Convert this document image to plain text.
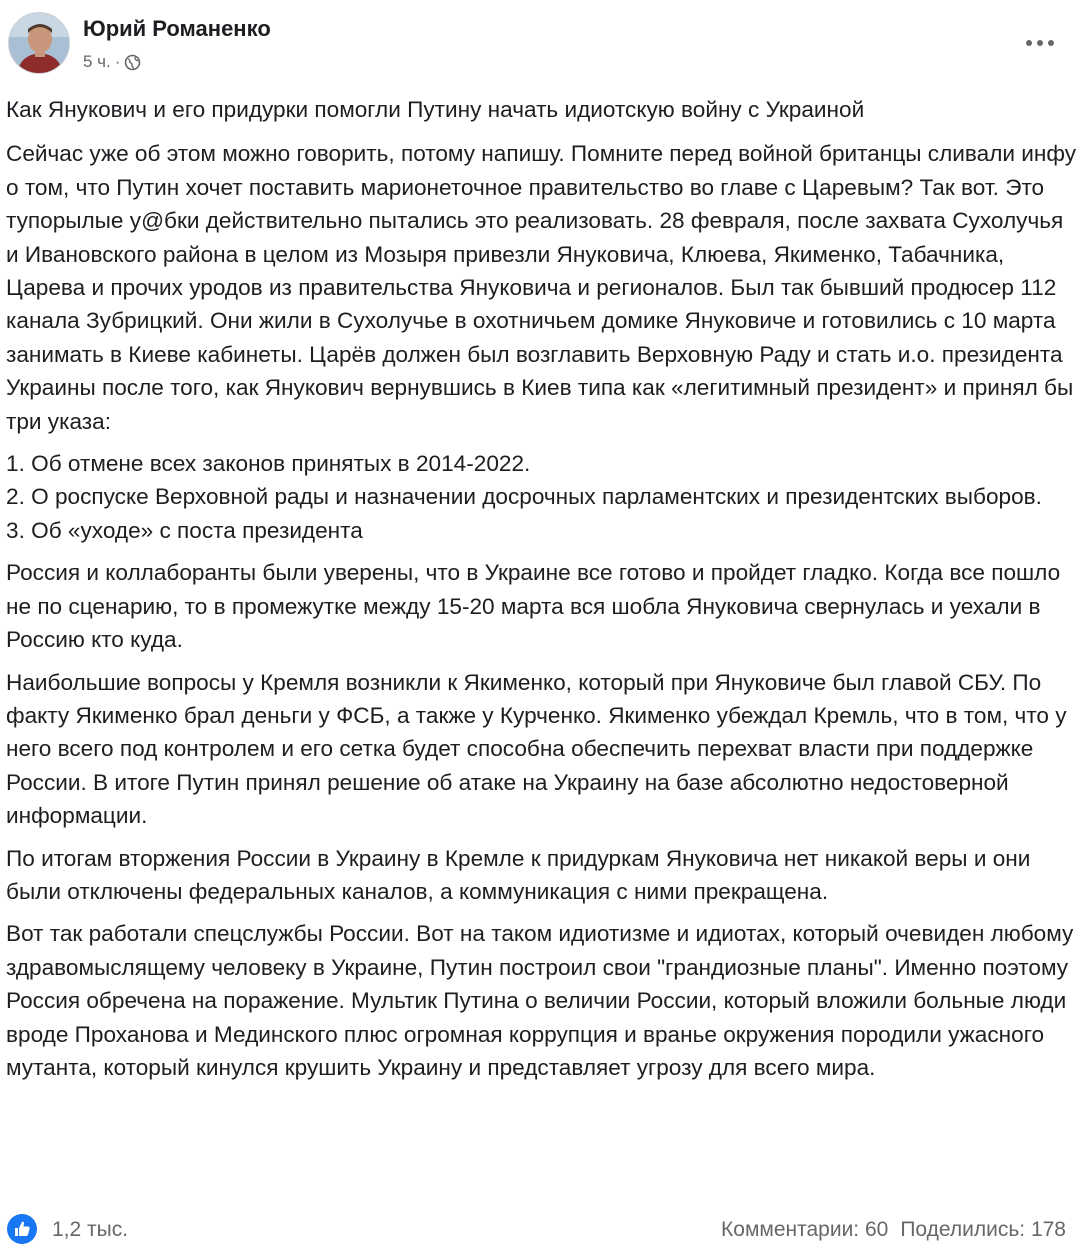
Юрий Романенко
5 ч. ·

Как Янукович и его придурки помогли Путину начать идиотскую войну с Украиной

Сейчас уже об этом можно говорить, потому напишу. Помните перед войной британцы сливали инфу о том, что Путин хочет поставить марионеточное правительство во главе с Царевым? Так вот. Это тупорылые у@бки действительно пытались это реализовать. 28 февраля, после захвата Сухолучья и Ивановского района в целом из Мозыря привезли Януковича, Клюева, Якименко, Табачника, Царева и прочих уродов из правительства Януковича и регионалов. Был так бывший продюсер 112 канала Зубрицкий. Они жили в Сухолучье в охотничьем домике Януковиче и готовились с 10 марта занимать в Киеве кабинеты. Царёв должен был возглавить Верховную Раду и стать и.о. президента Украины после того, как Янукович вернувшись в Киев типа как «легитимный президент» и принял бы три указа:

1. Об отмене всех законов принятых в 2014-2022.

2. О роспуске Верховной рады и назначении досрочных парламентских и президентских выборов.

3. Об «уходе» с поста президента

Россия и коллаборанты были уверены, что в Украине все готово и пройдет гладко. Когда все пошло не по сценарию, то в промежутке между 15-20 марта вся шобла Януковича свернулась и уехали в Россию кто куда.

Наибольшие вопросы у Кремля возникли к Якименко, который при Януковиче был главой СБУ. По факту Якименко брал деньги у ФСБ, а также у Курченко. Якименко убеждал Кремль, что в том, что у него всего под контролем и его сетка будет способна обеспечить перехват власти при поддержке России. В итоге Путин принял решение об атаке на Украину на базе абсолютно недостоверной информации.

По итогам вторжения России в Украину в Кремле к придуркам Януковича нет никакой веры и они были отключены федеральных каналов, а коммуникация с ними прекращена.

Вот так работали спецслужбы России. Вот на таком идиотизме и идиотах, который очевиден любому здравомыслящему человеку в Украине, Путин построил свои "грандиозные планы". Именно поэтому Россия обречена на поражение. Мультик Путина о величии России, который вложили больные люди вроде Проханова и Мединского плюс огромная коррупция и вранье окружения породили ужасного мутанта, который кинулся крушить Украину и представляет угрозу для всего мира.

1,2 тыс.	Комментарии: 60 Поделились: 178
